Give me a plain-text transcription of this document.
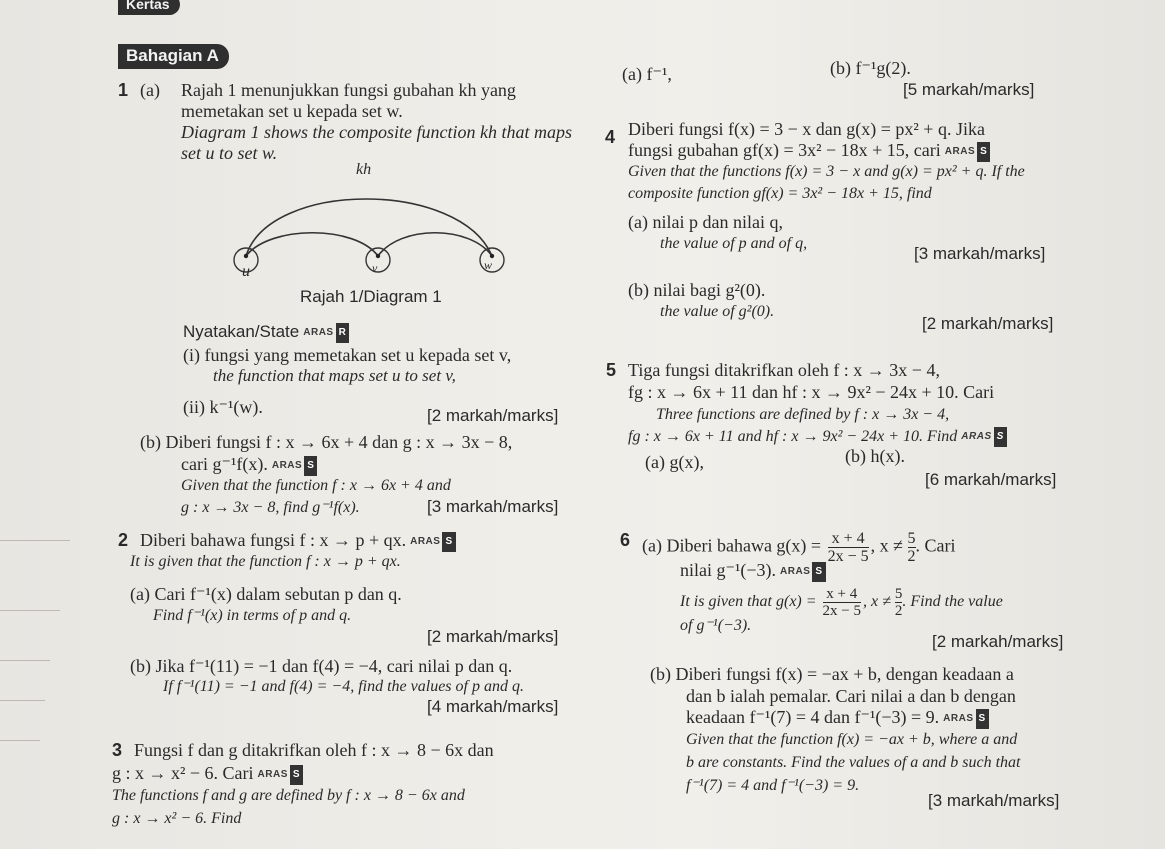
Kertas
Bahagian A
1 (a) Rajah 1 menunjukkan fungsi gubahan kh yang
memetakan set u kepada set w.
Diagram 1 shows the composite function kh that maps
set u to set w.
kh
u	v	w
Rajah 1/Diagram 1
Nyatakan/State ARAS R
(i) fungsi yang memetakan set u kepada set v,
the function that maps set u to set v,
(ii) k⁻¹(w).	[2 markah/marks]
(b) Diberi fungsi f : x → 6x + 4 dan g : x → 3x − 8,
cari g⁻¹f(x). ARAS S
Given that the function f : x → 6x + 4 and
g : x → 3x − 8, find g⁻¹f(x).	[3 markah/marks]
2 Diberi bahawa fungsi f : x → p + qx. ARAS S
It is given that the function f : x → p + qx.
(a) Cari f⁻¹(x) dalam sebutan p dan q.
Find f⁻¹(x) in terms of p and q.
[2 markah/marks]
(b) Jika f⁻¹(11) = −1 dan f(4) = −4, cari nilai p dan q.
If f⁻¹(11) = −1 and f(4) = −4, find the values of p and q.
[4 markah/marks]
3 Fungsi f dan g ditakrifkan oleh f : x → 8 − 6x dan
g : x → x² − 6. Cari ARAS S
The functions f and g are defined by f : x → 8 − 6x and
g : x → x² − 6. Find
(a) f⁻¹,	(b) f⁻¹g(2).
[5 markah/marks]
4 Diberi fungsi f(x) = 3 − x dan g(x) = px² + q. Jika
fungsi gubahan gf(x) = 3x² − 18x + 15, cari ARAS S
Given that the functions f(x) = 3 − x and g(x) = px² + q. If the
composite function gf(x) = 3x² − 18x + 15, find
(a) nilai p dan nilai q,
the value of p and of q,
[3 markah/marks]
(b) nilai bagi g²(0).
the value of g²(0).
[2 markah/marks]
5 Tiga fungsi ditakrifkan oleh f : x → 3x − 4,
fg : x → 6x + 11 dan hf : x → 9x² − 24x + 10. Cari
Three functions are defined by f : x → 3x − 4,
fg : x → 6x + 11 and hf : x → 9x² − 24x + 10. Find ARAS S
(a) g(x),	(b) h(x).
[6 markah/marks]
6 (a) Diberi bahawa $g(x) = \frac{x + 4}{2x - 5}$ , $x \ne \frac{5}{2}$ . Cari
nilai g⁻¹(−3). ARAS S
It is given that $g(x) = \frac{x + 4}{2x - 5}$ , $x \ne \frac{5}{2}$ . Find the value
of g⁻¹(−3).
[2 markah/marks]
(b) Diberi fungsi f(x) = −ax + b, dengan keadaan a
dan b ialah pemalar. Cari nilai a dan b dengan
keadaan f⁻¹(7) = 4 dan f⁻¹(−3) = 9. ARAS S
Given that the function f(x) = −ax + b, where a and
b are constants. Find the values of a and b such that
f⁻¹(7) = 4 and f⁻¹(−3) = 9.
[3 markah/marks]
